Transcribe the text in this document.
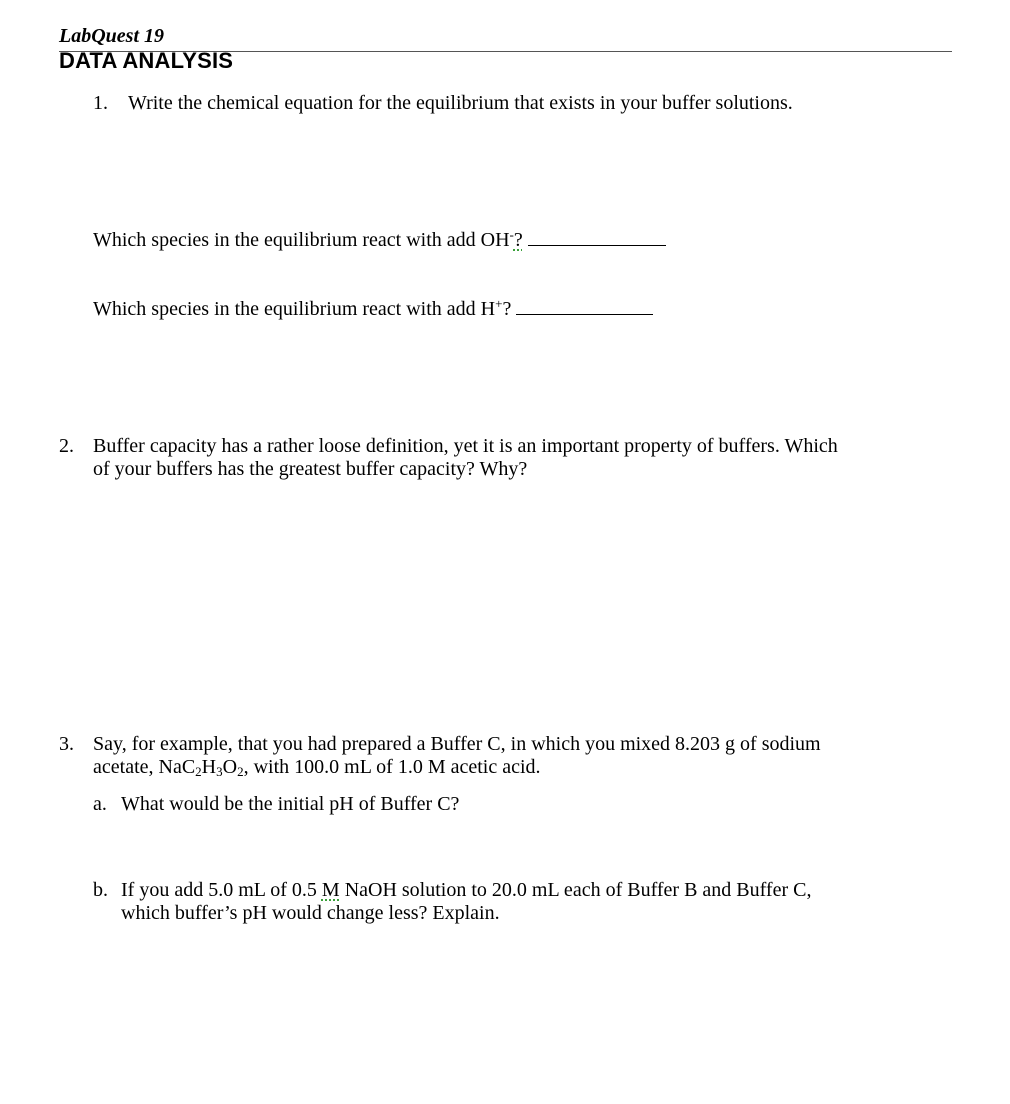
LabQuest 19
DATA ANALYSIS
1. Write the chemical equation for the equilibrium that exists in your buffer solutions.
Which species in the equilibrium react with add OH-?
Which species in the equilibrium react with add H+?
2. Buffer capacity has a rather loose definition, yet it is an important property of buffers. Which
of your buffers has the greatest buffer capacity? Why?
3. Say, for example, that you had prepared a Buffer C, in which you mixed 8.203 g of sodium
acetate, $NaC_2H_3O_2$, with 100.0 mL of 1.0 M acetic acid.
a. What would be the initial pH of Buffer C?
b. If you add 5.0 mL of 0.5 M NaOH solution to 20.0 mL each of Buffer B and Buffer C,
which buffer’s pH would change less? Explain.
